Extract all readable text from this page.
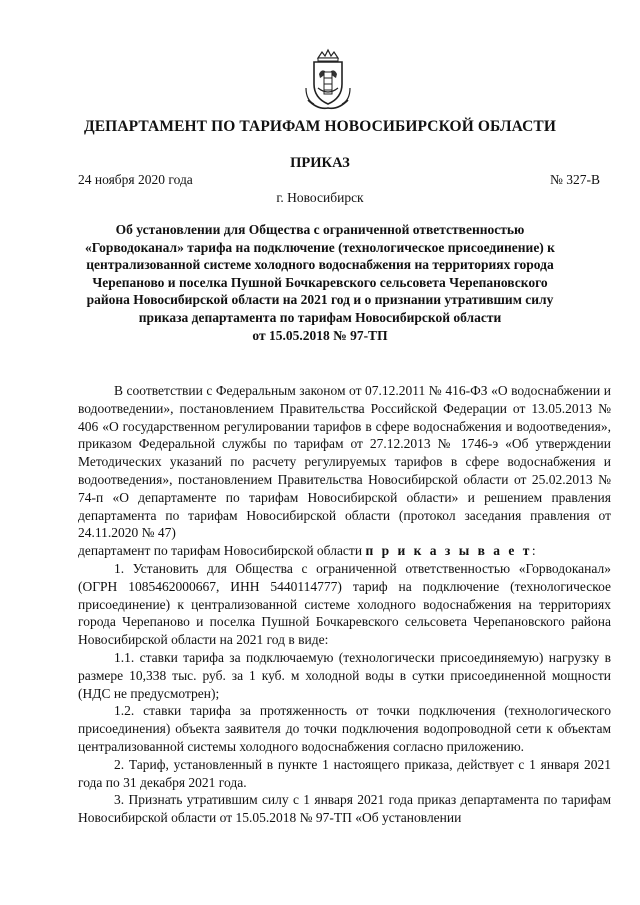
ДЕПАРТАМЕНТ ПО ТАРИФАМ НОВОСИБИРСКОЙ ОБЛАСТИ
ПРИКАЗ
24 ноября 2020 года	№ 327-В
г. Новосибирск
Об установлении для Общества с ограниченной ответственностью
«Горводоканал» тарифа на подключение (технологическое присоединение) к
централизованной системе холодного водоснабжения на территориях города
Черепаново и поселка Пушной Бочкаревского сельсовета Черепановского
района Новосибирской области на 2021 год и о признании утратившим силу
приказа департамента по тарифам Новосибирской области
от 15.05.2018 № 97-ТП

В соответствии с Федеральным законом от 07.12.2011 № 416-ФЗ «О водоснабжении и водоотведении», постановлением Правительства Российской Федерации от 13.05.2013 № 406 «О государственном регулировании тарифов в сфере водоснабжения и водоотведения», приказом Федеральной службы по тарифам от 27.12.2013 № 1746-э «Об утверждении Методических указаний по расчету регулируемых тарифов в сфере водоснабжения и водоотведения», постановлением Правительства Новосибирской области от 25.02.2013 № 74-п «О департаменте по тарифам Новосибирской области» и решением правления департамента по тарифам Новосибирской области (протокол заседания правления от 24.11.2020 № 47)

департамент по тарифам Новосибирской области п р и к а з ы в а е т:

1. Установить для Общества с ограниченной ответственностью «Горводоканал» (ОГРН 1085462000667, ИНН 5440114777) тариф на подключение (технологическое присоединение) к централизованной системе холодного водоснабжения на территориях города Черепаново и поселка Пушной Бочкаревского сельсовета Черепановского района Новосибирской области на 2021 год в виде:

1.1. ставки тарифа за подключаемую (технологически присоединяемую) нагрузку в размере 10,338 тыс. руб. за 1 куб. м холодной воды в сутки присоединенной мощности (НДС не предусмотрен);

1.2. ставки тарифа за протяженность от точки подключения (технологического присоединения) объекта заявителя до точки подключения водопроводной сети к объектам централизованной системы холодного водоснабжения согласно приложению.

2. Тариф, установленный в пункте 1 настоящего приказа, действует с 1 января 2021 года по 31 декабря 2021 года.

3. Признать утратившим силу с 1 января 2021 года приказ департамента по тарифам Новосибирской области от 15.05.2018 № 97-ТП «Об установлении
